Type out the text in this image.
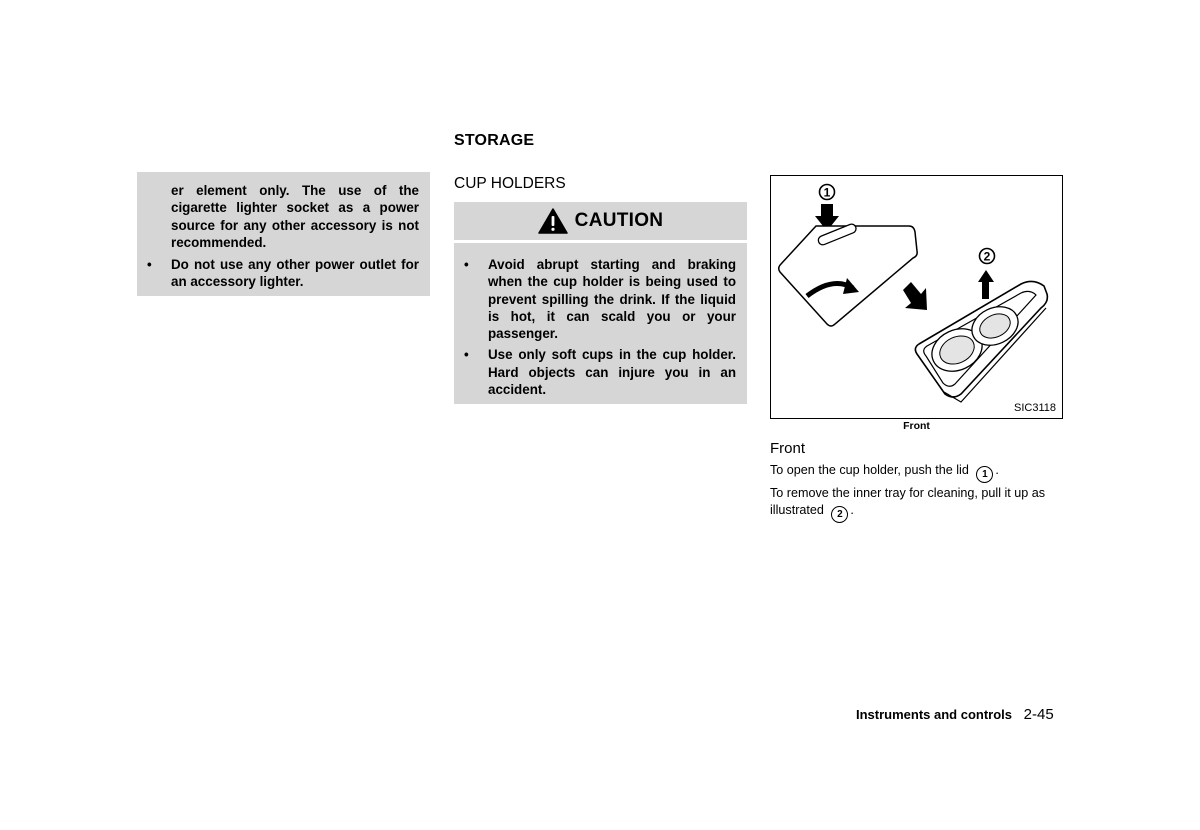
er element only. The use of the cigarette lighter socket as a power source for any other accessory is not recommended.

• Do not use any other power outlet for an accessory lighter.

STORAGE
CUP HOLDERS
CAUTION
• Avoid abrupt starting and braking when the cup holder is being used to prevent spilling the drink. If the liquid is hot, it can scald you or your passenger.

• Use only soft cups in the cup holder. Hard objects can injure you in an accident.

1
2
SIC3118
Front
Front
To open the cup holder, push the lid 1 .
To remove the inner tray for cleaning, pull it up as illustrated 2 .
Instruments and controls 2-45
